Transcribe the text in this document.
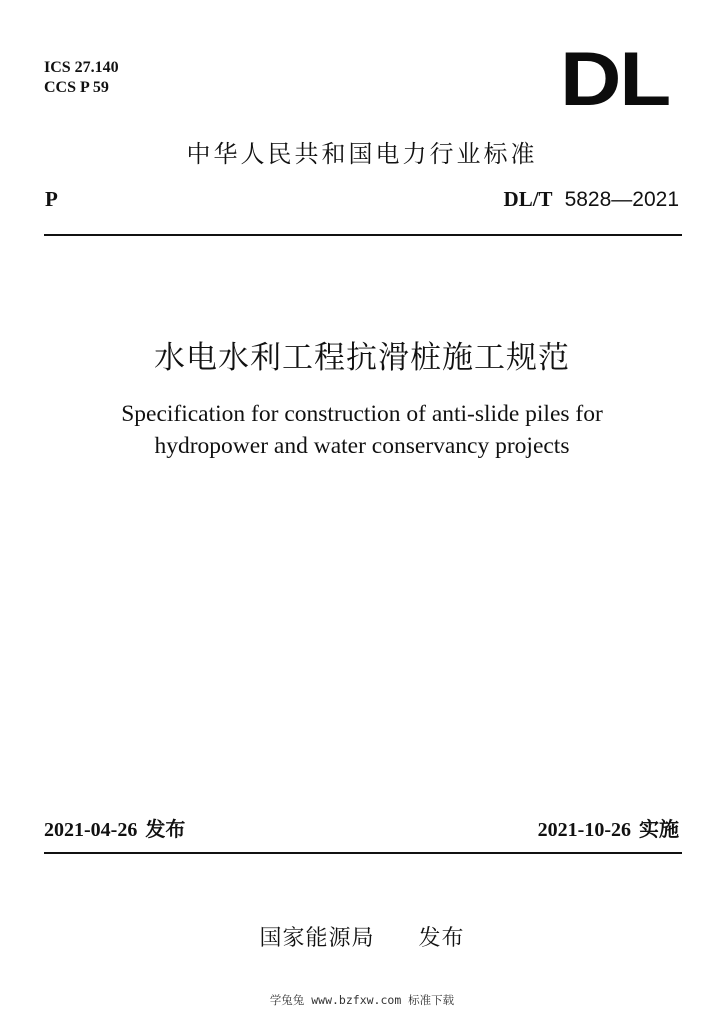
ICS 27.140
CCS P 59	DL
中华人民共和国电力行业标准
P	DL/T 5828—2021
水电水利工程抗滑桩施工规范
Specification for construction of anti-slide piles for
hydropower and water conservancy projects
2021-04-26 发布	2021-10-26 实施
国家能源局 发布
学兔兔 www.bzfxw.com 标准下载
